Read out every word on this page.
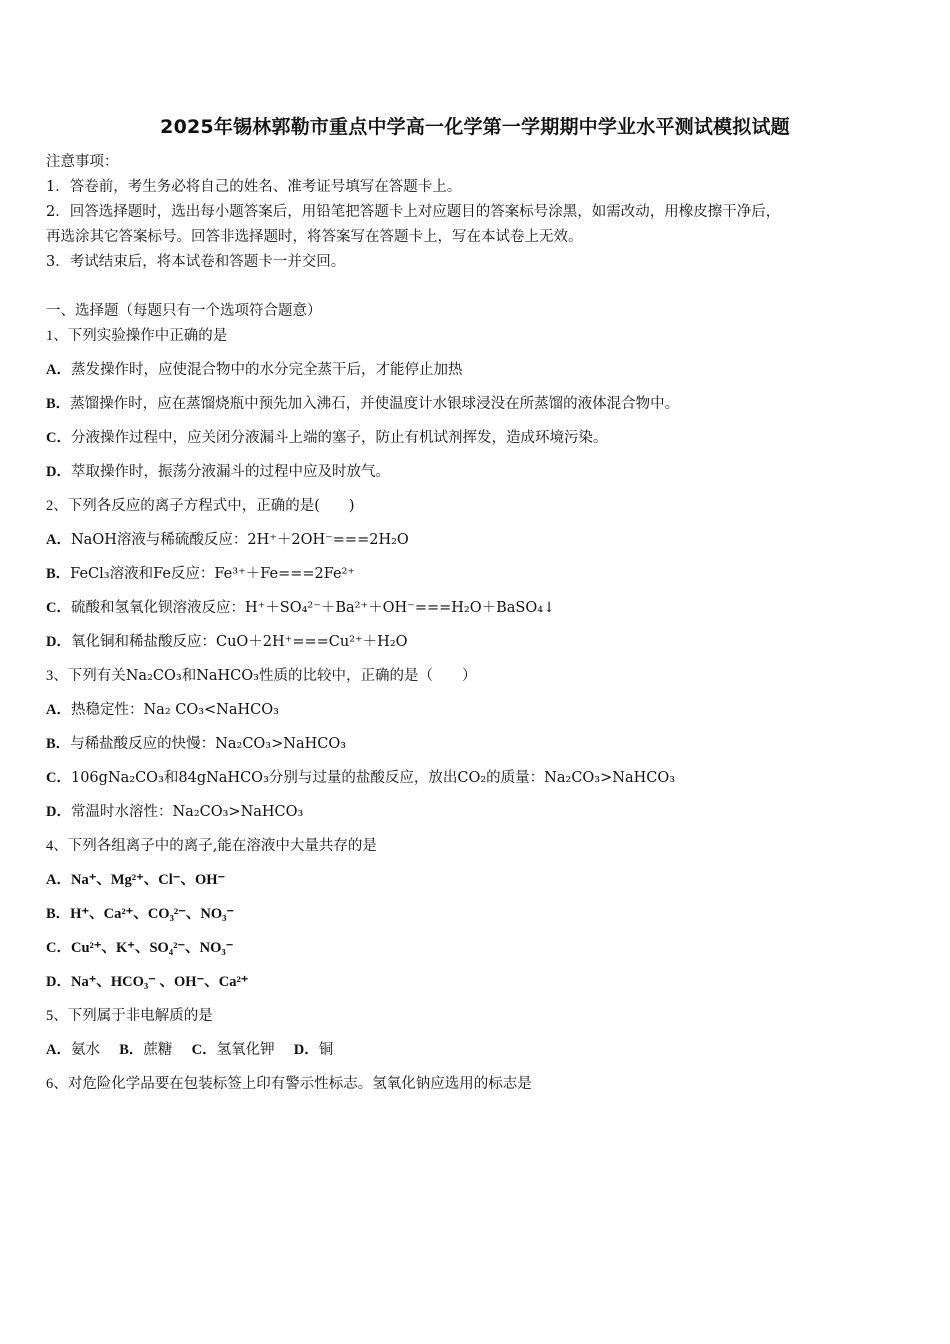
2025年锡林郭勒市重点中学高一化学第一学期期中学业水平测试模拟试题
注意事项：
1．答卷前，考生务必将自己的姓名、准考证号填写在答题卡上。
2．回答选择题时，选出每小题答案后，用铅笔把答题卡上对应题目的答案标号涂黑，如需改动，用橡皮擦干净后，
再选涂其它答案标号。回答非选择题时，将答案写在答题卡上，写在本试卷上无效。
3．考试结束后，将本试卷和答题卡一并交回。
一、选择题（每题只有一个选项符合题意）
1、下列实验操作中正确的是
A．蒸发操作时，应使混合物中的水分完全蒸干后，才能停止加热
B．蒸馏操作时，应在蒸馏烧瓶中预先加入沸石，并使温度计水银球浸没在所蒸馏的液体混合物中。
C．分液操作过程中，应关闭分液漏斗上端的塞子，防止有机试剂挥发，造成环境污染。
D．萃取操作时，振荡分液漏斗的过程中应及时放气。
2、下列各反应的离子方程式中，正确的是(　　)
A．NaOH溶液与稀硫酸反应：2H⁺＋2OH⁻===2H₂O
B．FeCl₃溶液和Fe反应：Fe³⁺＋Fe===2Fe²⁺
C．硫酸和氢氧化钡溶液反应：H⁺＋SO₄²⁻＋Ba²⁺＋OH⁻===H₂O＋BaSO₄↓
D．氧化铜和稀盐酸反应：CuO＋2H⁺===Cu²⁺＋H₂O
3、下列有关Na₂CO₃和NaHCO₃性质的比较中，正确的是（　　）
A．热稳定性：Na₂ CO₃<NaHCO₃
B．与稀盐酸反应的快慢：Na₂CO₃>NaHCO₃
C．106gNa₂CO₃和84gNaHCO₃分别与过量的盐酸反应，放出CO₂的质量：Na₂CO₃>NaHCO₃
D．常温时水溶性：Na₂CO₃>NaHCO₃
4、下列各组离子中的离子,能在溶液中大量共存的是
A．Na⁺、Mg²⁺、Cl⁻、OH⁻
B．H⁺、Ca²⁺、CO₃²⁻、NO₃⁻
C．Cu²⁺、K⁺、SO₄²⁻、NO₃⁻
D．Na⁺、HCO₃⁻ 、OH⁻、Ca²⁺
5、下列属于非电解质的是
A．氨水 B．蔗糖 C．氢氧化钾 D．铜
6、对危险化学品要在包装标签上印有警示性标志。氢氧化钠应选用的标志是
